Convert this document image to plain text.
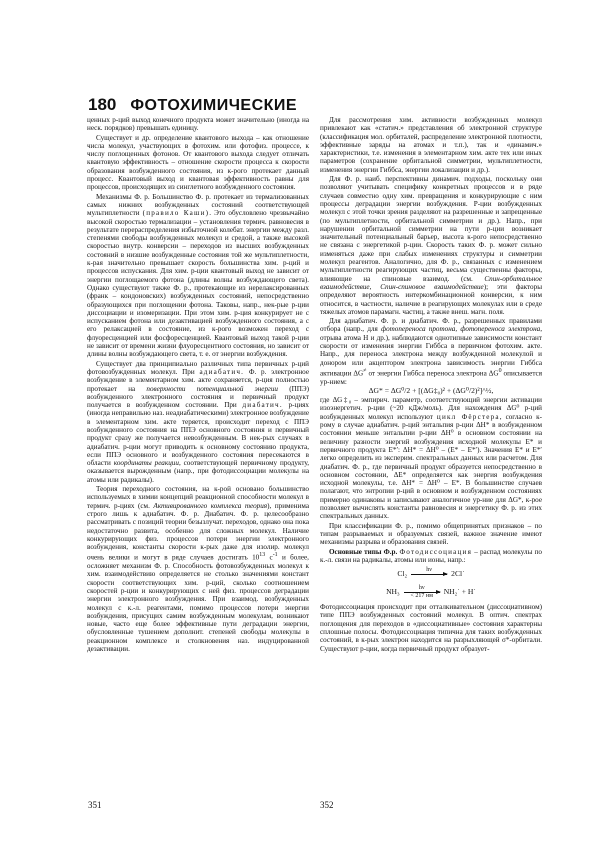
180 ФОТОХИМИЧЕСКИЕ

ценных р-ций выход конечного продукта может значительно (иногда на неск. порядков) превышать единицу.

Существует и др. определение квантового выхода – как отношение числа молекул, участвующих в фотохим. или фотофиз. процессе, к числу поглощенных фотонов. От квантового выхода следует отличать квантовую эффективность – отношение скорости процесса к скорости образования возбужденного состояния, из к-рого протекает данный процесс. Квантовый выход и квантовая эффективность равны для процессов, происходящих из синглетного возбужденного состояния.

Механизмы Ф. р. Большинство Ф. р. протекает из термализованных самых нижних возбужденных состояний соответствующей мультиплетности (правило Каши). Это обусловлено чрезвычайно высокой скоростью термализации – установления термич. равновесия в результате перераспределения избыточной колебат. энергии между разл. степенями свободы возбужденных молекул и средой, а также высокой скоростью внутр. конверсии – переходов из высших возбужденных состояний в низшие возбужденные состояния той же мультиплетности, к-рая значительно превышает скорость большинства хим. р-ций и процессов испускания. Для хим. р-ции квантовый выход не зависит от энергии поглощаемого фотона (длины волны возбуждающего света). Однако существуют также Ф. р., протекающие из нерелаксированных (франк – кондоновских) возбужденных состояний, непосредственно образующихся при поглощении фотона. Таковы, напр., нек-рые р-ции диссоциации и изомеризации. При этом хим. р-ция конкурирует не с испусканием фотона или дезактивацией возбужденного состояния, а с его релаксацией в состояние, из к-рого возможен переход с флуоресценцией или фосфоресценцией. Квантовый выход такой р-ции не зависит от времени жизни флуоресцентного состояния, но зависит от длины волны возбуждающего света, т. е. от энергии возбуждения.

Существует два принципиально различных типа первичных р-ций фотовозбужденных молекул. При адиабатич. Ф. р. электронное возбуждение в элементарном хим. акте сохраняется, р-ция полностью протекает на поверхности потенциальной энергии (ППЭ) возбужденного электронного состояния и первичный продукт получается в возбужденном состоянии. При диабатич. р-циях (иногда неправильно наз. неадиабатическими) электронное возбуждение в элементарном хим. акте теряется, происходит переход с ППЭ возбужденного состояния на ППЭ основного состояния и первичный продукт сразу же получается невозбужденным. В нек-рых случаях в адиабатич. р-ции могут приводить к основному состоянию продукта, если ППЭ основного и возбужденного состояния пересекаются в области координаты реакции, соответствующей первичному продукту, оказывается вырожденным (напр., при фотодиссоциации молекулы на атомы или радикалы).

Теория переходного состояния, на к-рой основано большинство используемых в химии концепций реакционной способности молекул в термич. р-циях (см. Активированного комплекса теория), применима строго лишь к адиабатич. Ф. р. Диабатич. Ф. р. целесообразно рассматривать с позиций теории безызлучат. переходов, однако она пока недостаточно развита, особенно для сложных молекул. Наличие конкурирующих физ. процессов потери энергии электронного возбуждения, константы скорости к-рых даже для изолир. молекул очень велики и могут в ряде случаев достигать $10^{13}$ $с^{-1}$ и более, осложняет механизм Ф. р. Способность фотовозбужденных молекул к хим. взаимодействию определяется не столько значениями констант скорости соответствующих хим. р-ций, сколько соотношением скоростей р-ции и конкурирующих с ней физ. процессов деградации энергии электронного возбуждения. При взаимод. возбужденных молекул с к.-л. реагентами, помимо процессов потери энергии возбуждения, присущих самим возбужденным молекулам, возникают новые, часто еще более эффективные пути деградации энергии, обусловленные тушением дополнит. степеней свободы молекулы в реакционном комплексе и столкновения наз. индуцированной дезактивации.

Для рассмотрения хим. активности возбужденных молекул привлекают как «статич.» представления об электронной структуре (классификация мол. орбиталей, распределение электронной плотности, эффективные заряды на атомах и т.п.), так и «динамич.» характеристики, т.е. изменения в элементарном хим. акте тех или иных параметров (сохранение орбитальной симметрии, мультиплетности, изменения энергии Гиббса, энергии локализации и др.).

Для Ф. р. наиб. перспективны динамич. подходы, поскольку они позволяют учитывать специфику конкретных процессов и в ряде случаев совместно одну хим. превращения и конкурирующие с ним процессы деградации энергии возбуждения. Р-ции возбужденных молекул с этой точки зрения разделяют на разрешенные и запрещенные (по мультиплетности, орбитальной симметрии и др.). Напр., при нарушении орбитальной симметрии на пути р-ции возникает значительный потенциальный барьер, высота к-рого непосредственно не связана с энергетикой р-ции. Скорость таких Ф. р. может сильно изменяться даже при слабых изменениях структуры и симметрии молекул реагентов. Аналогично, для Ф. р., связанных с изменением мультиплетности реагирующих частиц, весьма существенны факторы, влияющие на спиновые взаимод. (см. Спин-орбитальное взаимодействие, Спин-спиновое взаимодействие); эти факторы определяют вероятность интеркомбинационной конверсии, к ним относится, в частности, наличие в реагирующих молекулах или в среде тяжелых атомов парамагн. частиц, а также внеш. магн. поля.

Для адиабатич. Ф. р. и диабатич. Ф. р., разрешенных правилами отбора (напр., для фотопереноса протона, фотопереноса электрона, отрыва атома H и др.), наблюдаются однотипные зависимости констант скорости от изменения энергии Гиббса в первичном фотохим. акте. Напр., для переноса электрона между возбужденной молекулой и донором или акцептором электрона зависимость энергии Гиббса активации ΔG≠ от энергии Гиббса переноса электрона $\Delta G^0$ описывается ур-нием:

ΔG* = ΔG⁰/2 + [(ΔG‡₀)² + (ΔG⁰/2)²]^½,

где ΔG‡₀ – эмпирич. параметр, соответствующий энергии активации изоэнергетич. р-ции (~20 кДж/моль). Для нахождения ΔG⁰ р-ций возбужденных молекул используют цикл Фёрстера, согласно к-рому в случае адиабатич. р-ций энтальпия р-ции ΔH* в возбужденном состоянии меньше энтальпии р-ции ΔH⁰ в основном состоянии на величину разности энергий возбуждения исходной молекулы E* и первичного продукта E*′: ΔH* = ΔH⁰ – (E* – E*′). Значения E* и E*′ легко определить из эксперим. спектральных данных или расчетом. Для диабатич. Ф. р., где первичный продукт образуется непосредственно в основном состоянии, ΔE* определяется как энергия возбуждения исходной молекулы, т.е. ΔH* = ΔH⁰ – E*. В большинстве случаев полагают, что энтропии р-ций в основном и возбужденном состояниях примерно одинаковы и записывают аналогичное ур-ние для ΔG*, к-рое позволяет вычислять константы равновесия и энергетику Ф. р. из этих спектральных данных.

При классификации Ф. р., помимо общепринятых признаков – по типам разрываемых и образуемых связей, важное значение имеют механизмы разрыва и образования связей.

Основные типы Ф.р. Фотодиссоциация – распад молекулы по к.-л. связи на радикалы, атомы или ионы, напр.:

Cl₂	hν
	2Cl˙
NH₃	hν
< 217 нм NH₂˙ + H˙

Фотодиссоциация происходит при отталкивательном (диссоциативном) типе ППЭ возбужденных состояний молекул. В оптич. спектрах поглощения для переходов в «диссоциативные» состояния характерны сплошные полосы. Фотодиссоциация типична для таких возбужденных состояний, в к-рых электрон находится на разрыхляющей σ*-орбитали. Существуют р-ции, когда первичный продукт образует-

351	352
